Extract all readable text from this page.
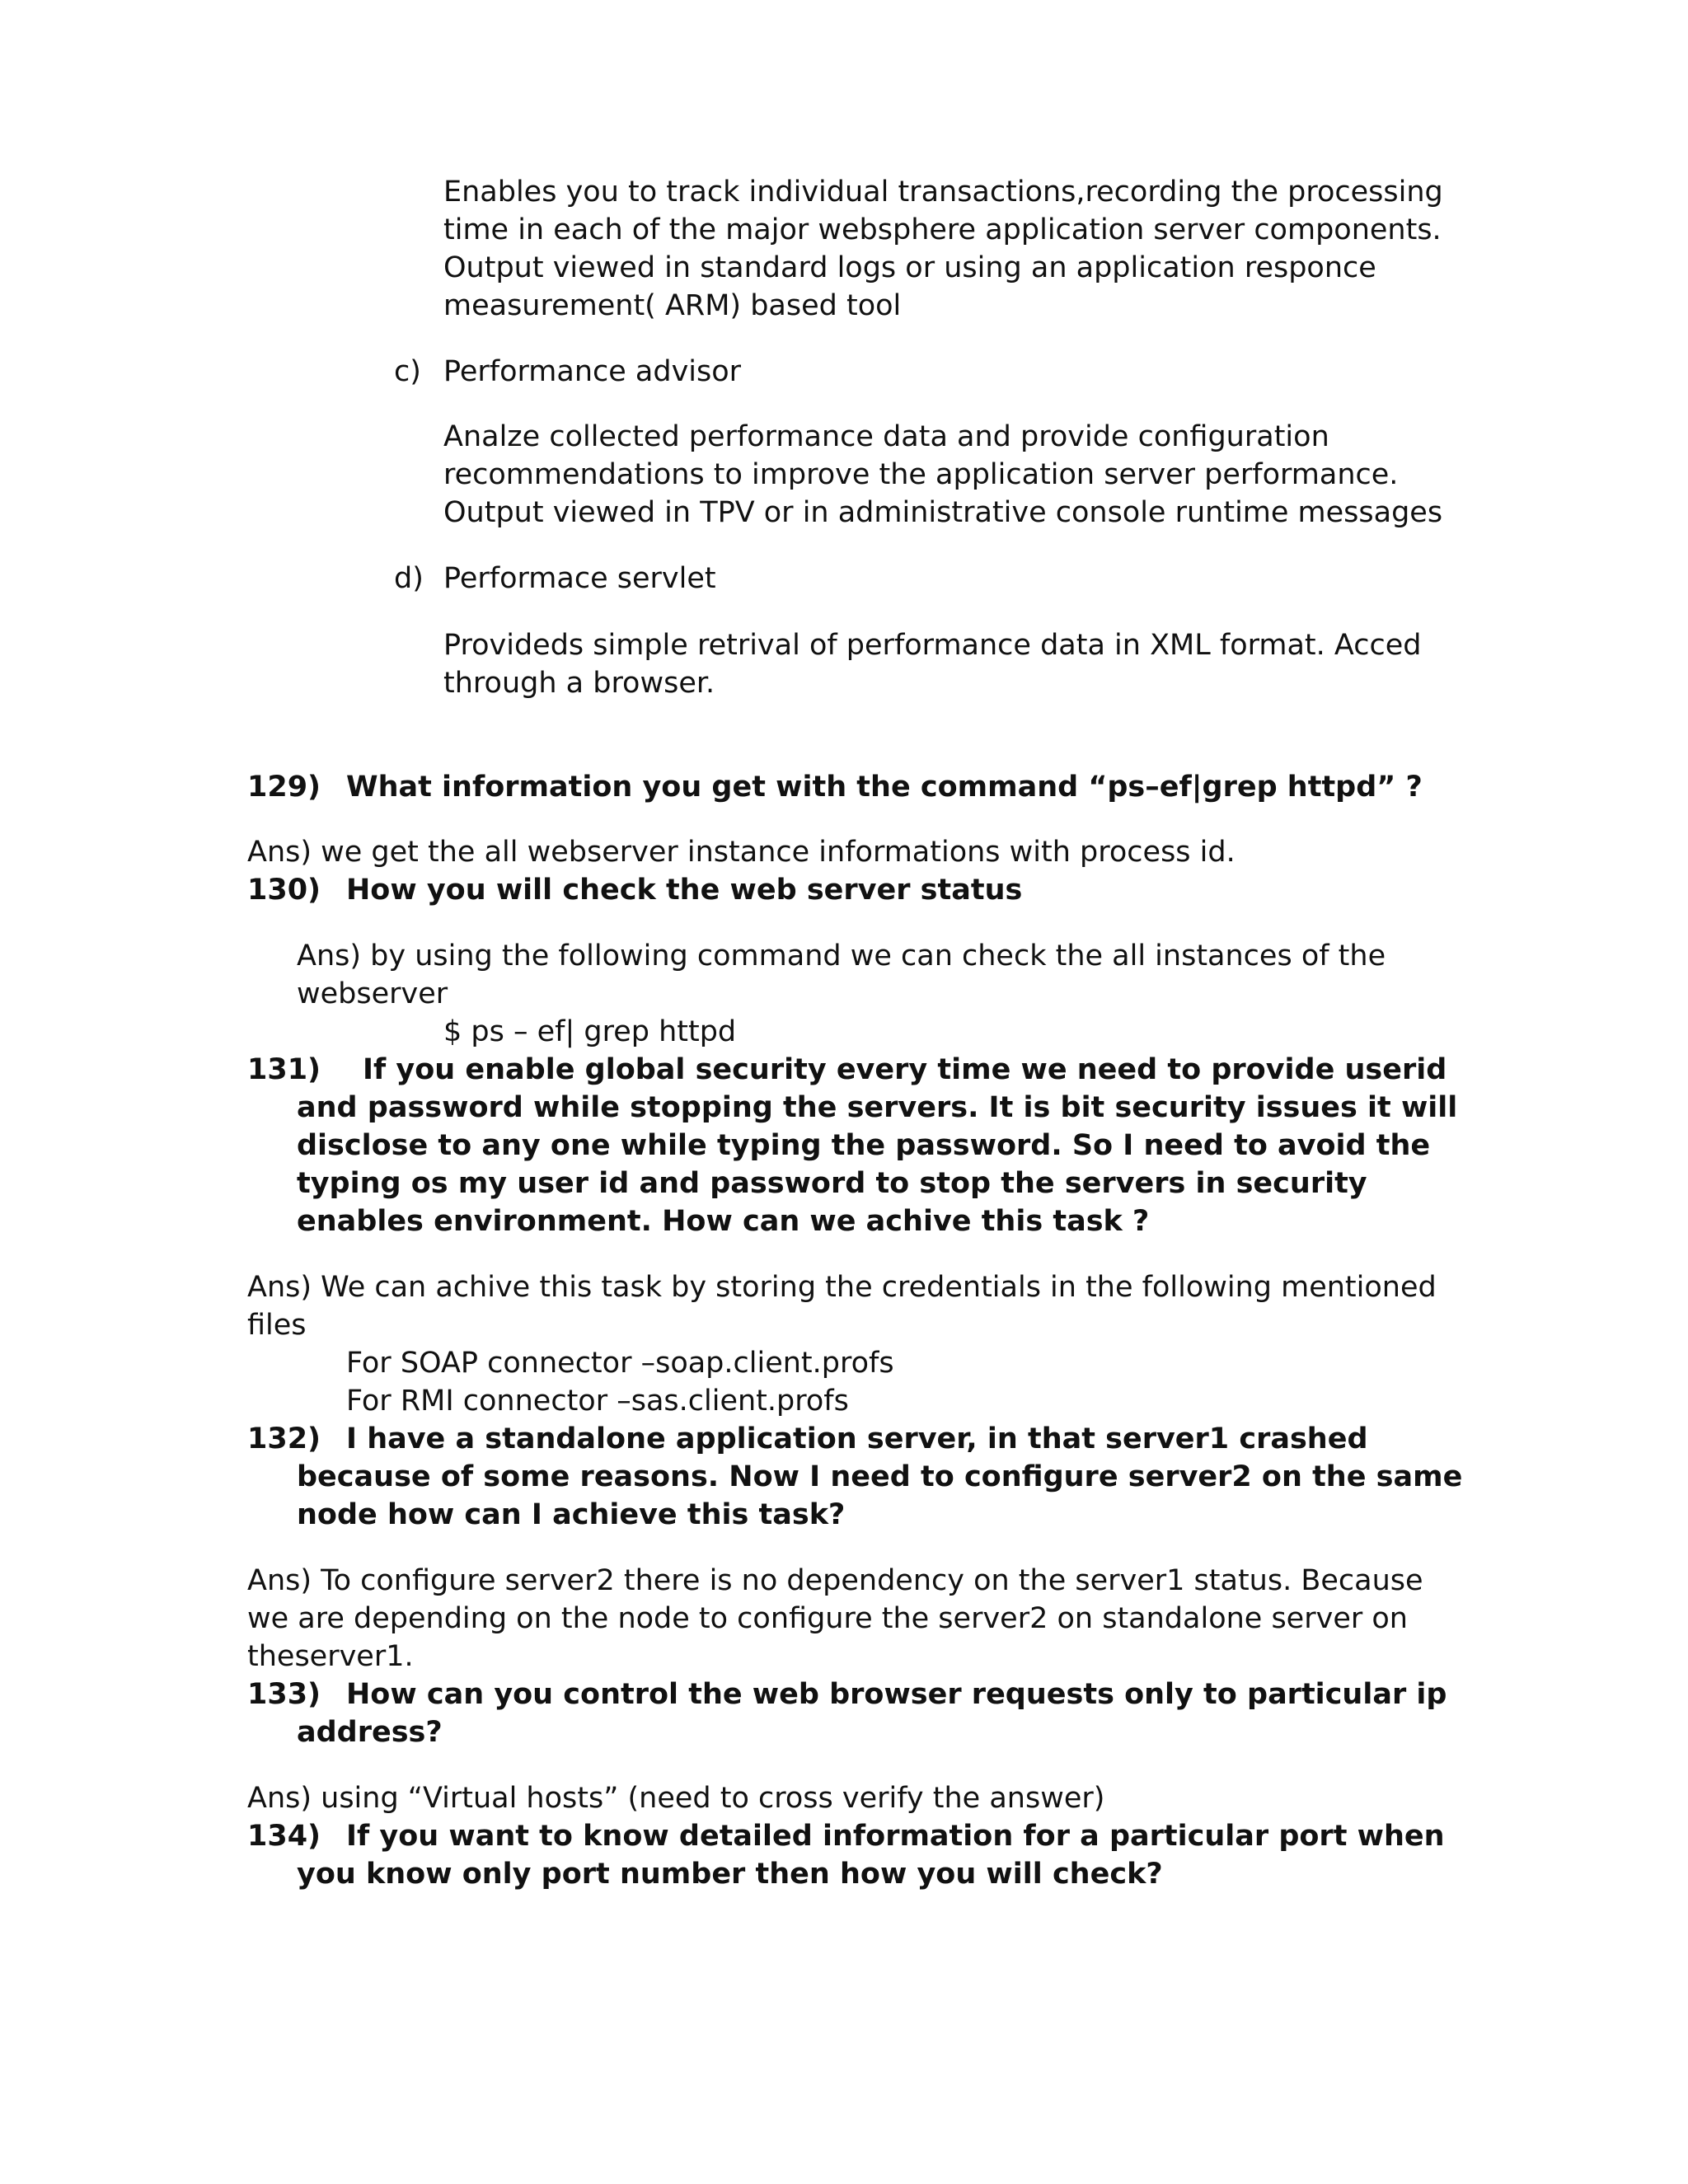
Enables you to track individual transactions,recording the processing
time in each of the major websphere application server components.
Output viewed in standard logs or using an application responce
measurement( ARM) based tool
c) Performance advisor
Analze collected performance data and provide configuration
recommendations to improve the application server performance.
Output viewed in TPV or in administrative console runtime messages
d) Performace servlet
Provideds simple retrival of performance data in XML format. Acced
through a browser.
129) What information you get with the command “ps–ef|grep httpd” ?
Ans) we get the all webserver instance informations with process id.
130) How you will check the web server status
Ans) by using the following command we can check the all instances of the
webserver
$ ps – ef| grep httpd
131) If you enable global security every time we need to provide userid
and password while stopping the servers. It is bit security issues it will
disclose to any one while typing the password. So I need to avoid the
typing os my user id and password to stop the servers in security
enables environment. How can we achive this task ?
Ans) We can achive this task by storing the credentials in the following mentioned
files
For SOAP connector –soap.client.profs
For RMI connector –sas.client.profs
132) I have a standalone application server, in that server1 crashed
because of some reasons. Now I need to configure server2 on the same
node how can I achieve this task?
Ans) To configure server2 there is no dependency on the server1 status. Because
we are depending on the node to configure the server2 on standalone server on
theserver1.
133) How can you control the web browser requests only to particular ip
address?
Ans) using “Virtual hosts” (need to cross verify the answer)
134) If you want to know detailed information for a particular port when
you know only port number then how you will check?
